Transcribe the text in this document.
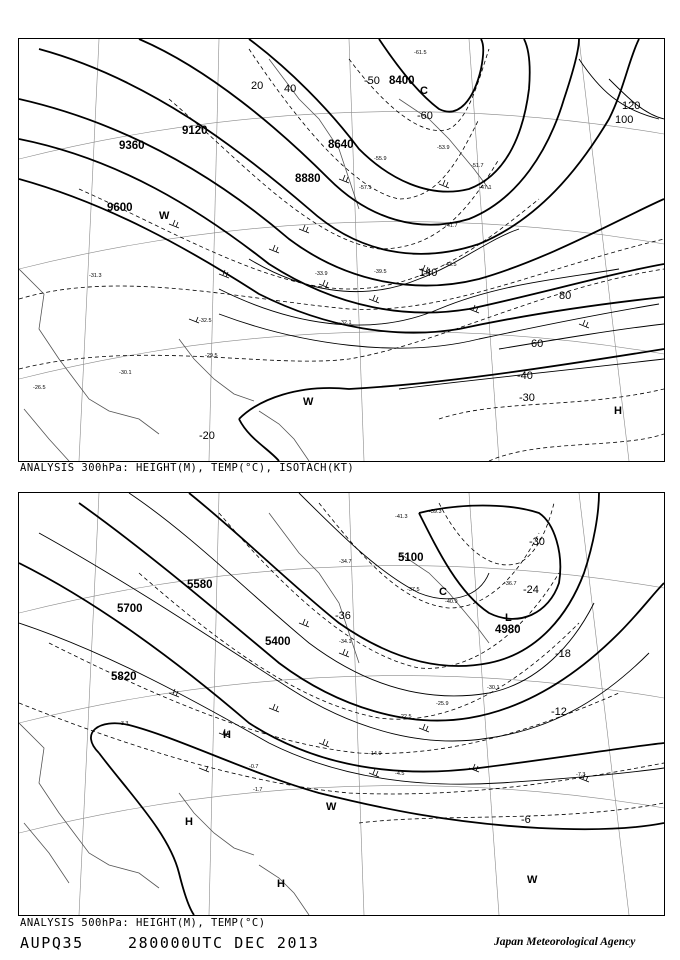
9600
9360
9120
8880
8640
8400
20 40
60
80
100
120
140
-20
-30
-40
-50
-60
-31.3
-32.5
-29.5
-30.1
-26.5
-33.9	-39.5
-43.5
-47.1
-53.9
-57.1
-61.5
-51.7
-55.9
-41.7
-32.1
C
H
W
W
ANALYSIS 300hPa: HEIGHT(M), TEMP(°C), ISOTACH(KT)
5820
5700
5580
5400
5100
4980
-6
-12
-18
-24
-30
-36
-34.7
-37.5
-41.3
-39.3
-36.7
-40.9
-34.1
-30.1
-25.9
-22.5
-14.9
-4.5	-7.3
-3.3
-1.7
-0.7
C
L
H
H
H
W
W
ANALYSIS 500hPa: HEIGHT(M), TEMP(°C)
AUPQ35	280000UTC DEC 2013	Japan Meteorological Agency
